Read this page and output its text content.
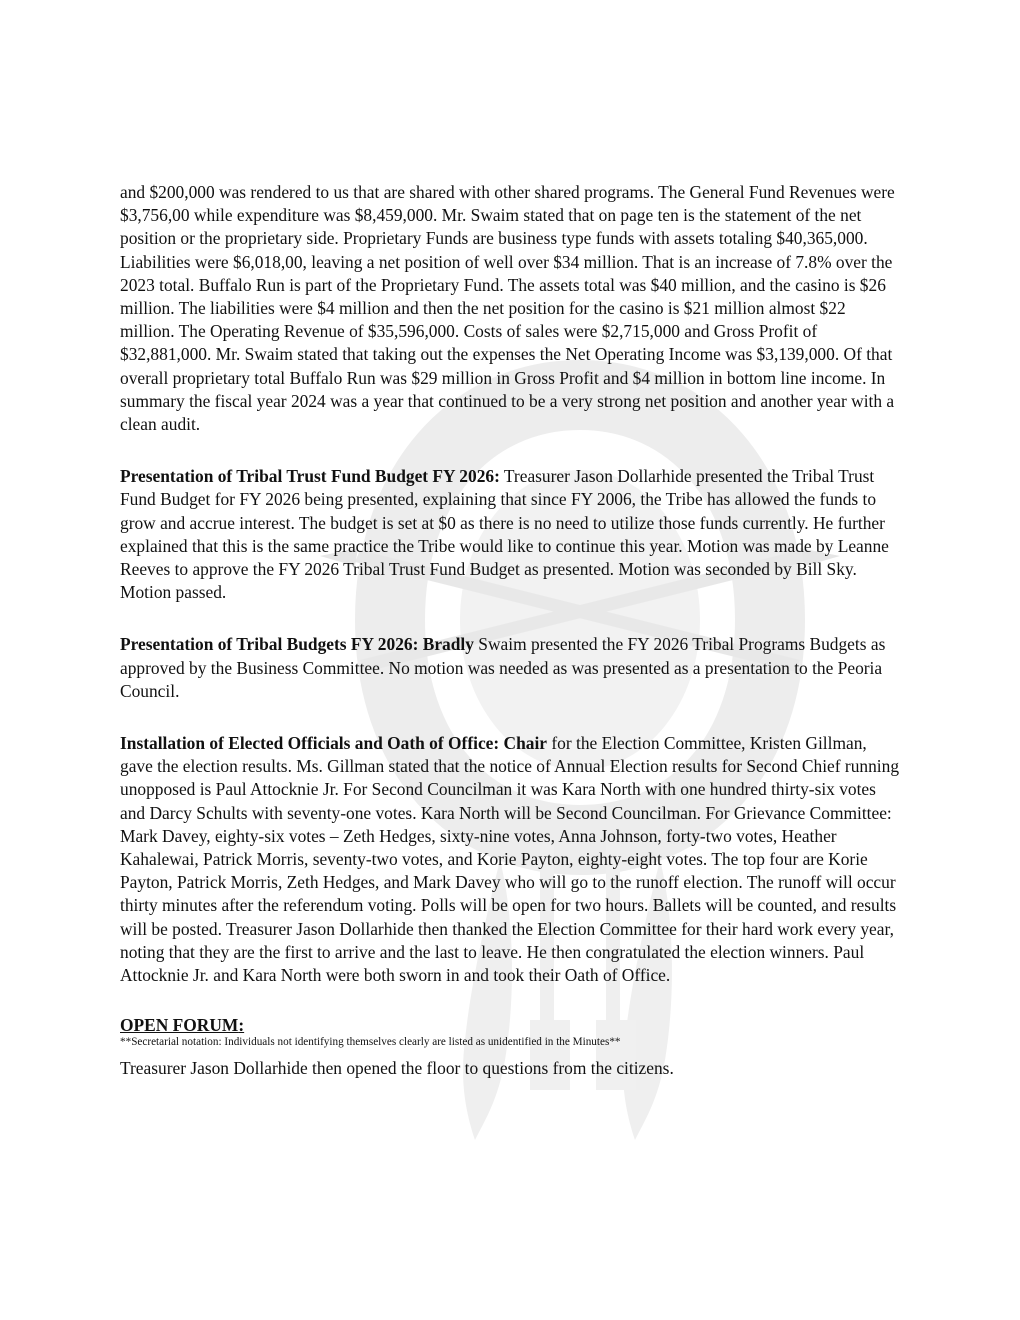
and $200,000 was rendered to us that are shared with other shared programs. The General Fund Revenues were $3,756,00 while expenditure was $8,459,000. Mr. Swaim stated that on page ten is the statement of the net position or the proprietary side. Proprietary Funds are business type funds with assets totaling $40,365,000. Liabilities were $6,018,00, leaving a net position of well over $34 million. That is an increase of 7.8% over the 2023 total. Buffalo Run is part of the Proprietary Fund. The assets total was $40 million, and the casino is $26 million. The liabilities were $4 million and then the net position for the casino is $21 million almost $22 million. The Operating Revenue of $35,596,000. Costs of sales were $2,715,000 and Gross Profit of $32,881,000. Mr. Swaim stated that taking out the expenses the Net Operating Income was $3,139,000. Of that overall proprietary total Buffalo Run was $29 million in Gross Profit and $4 million in bottom line income. In summary the fiscal year 2024 was a year that continued to be a very strong net position and another year with a clean audit.

Presentation of Tribal Trust Fund Budget FY 2026: Treasurer Jason Dollarhide presented the Tribal Trust Fund Budget for FY 2026 being presented, explaining that since FY 2006, the Tribe has allowed the funds to grow and accrue interest. The budget is set at $0 as there is no need to utilize those funds currently. He further explained that this is the same practice the Tribe would like to continue this year. Motion was made by Leanne Reeves to approve the FY 2026 Tribal Trust Fund Budget as presented. Motion was seconded by Bill Sky. Motion passed.

Presentation of Tribal Budgets FY 2026: Bradly Swaim presented the FY 2026 Tribal Programs Budgets as approved by the Business Committee. No motion was needed as was presented as a presentation to the Peoria Council.

Installation of Elected Officials and Oath of Office: Chair for the Election Committee, Kristen Gillman, gave the election results. Ms. Gillman stated that the notice of Annual Election results for Second Chief running unopposed is Paul Attocknie Jr. For Second Councilman it was Kara North with one hundred thirty-six votes and Darcy Schults with seventy-one votes. Kara North will be Second Councilman. For Grievance Committee: Mark Davey, eighty-six votes – Zeth Hedges, sixty-nine votes, Anna Johnson, forty-two votes, Heather Kahalewai, Patrick Morris, seventy-two votes, and Korie Payton, eighty-eight votes. The top four are Korie Payton, Patrick Morris, Zeth Hedges, and Mark Davey who will go to the runoff election. The runoff will occur thirty minutes after the referendum voting. Polls will be open for two hours. Ballets will be counted, and results will be posted. Treasurer Jason Dollarhide then thanked the Election Committee for their hard work every year, noting that they are the first to arrive and the last to leave. He then congratulated the election winners. Paul Attocknie Jr. and Kara North were both sworn in and took their Oath of Office.

OPEN FORUM:

**Secretarial notation: Individuals not identifying themselves clearly are listed as unidentified in the Minutes**

Treasurer Jason Dollarhide then opened the floor to questions from the citizens.
